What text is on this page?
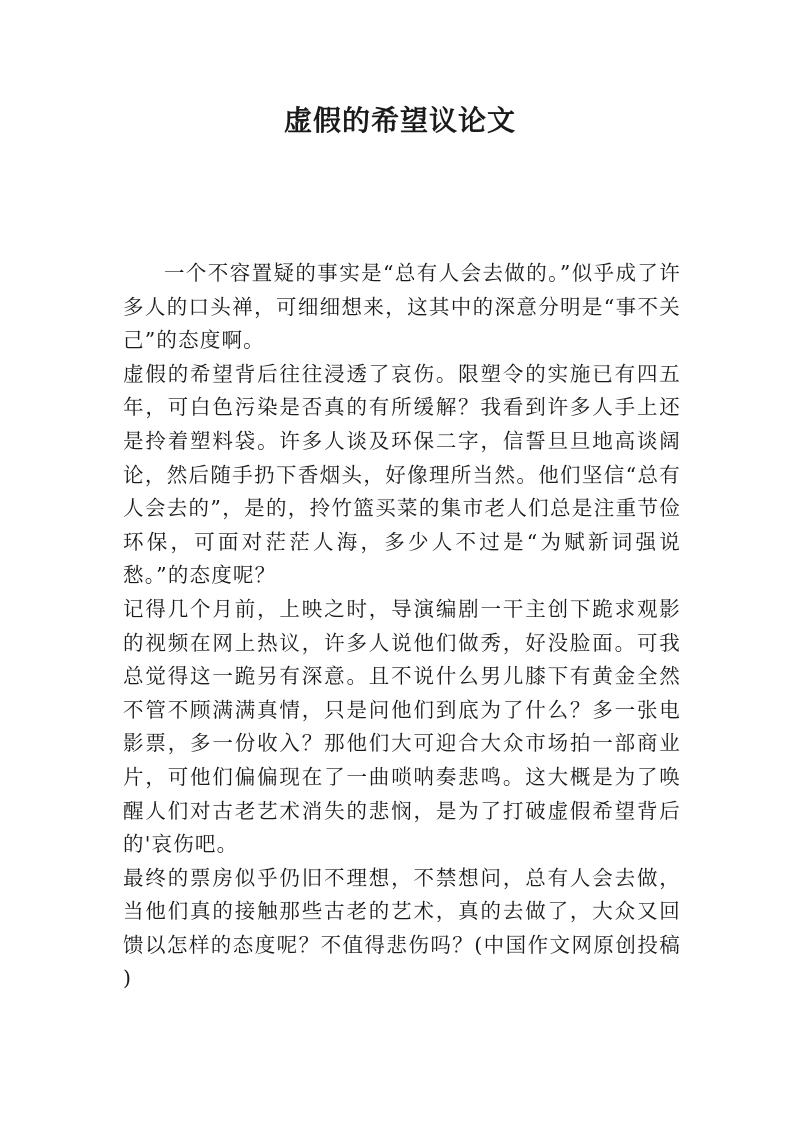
虚假的希望议论文

一个不容置疑的事实是“总有人会去做的。”似乎成了许多人的口头禅，可细细想来，这其中的深意分明是“事不关己”的态度啊。

虚假的希望背后往往浸透了哀伤。限塑令的实施已有四五年，可白色污染是否真的有所缓解？我看到许多人手上还是拎着塑料袋。许多人谈及环保二字，信誓旦旦地高谈阔论，然后随手扔下香烟头，好像理所当然。他们坚信“总有人会去的”，是的，拎竹篮买菜的集市老人们总是注重节俭环保，可面对茫茫人海，多少人不过是“为赋新词强说愁。”的态度呢？

记得几个月前，上映之时，导演编剧一干主创下跪求观影的视频在网上热议，许多人说他们做秀，好没脸面。可我总觉得这一跪另有深意。且不说什么男儿膝下有黄金全然不管不顾满满真情，只是问他们到底为了什么？多一张电影票，多一份收入？那他们大可迎合大众市场拍一部商业片，可他们偏偏现在了一曲唢呐奏悲鸣。这大概是为了唤醒人们对古老艺术消失的悲悯，是为了打破虚假希望背后的'哀伤吧。

最终的票房似乎仍旧不理想，不禁想问，总有人会去做，当他们真的接触那些古老的艺术，真的去做了，大众又回馈以怎样的态度呢？不值得悲伤吗？(中国作文网原创投稿 )
